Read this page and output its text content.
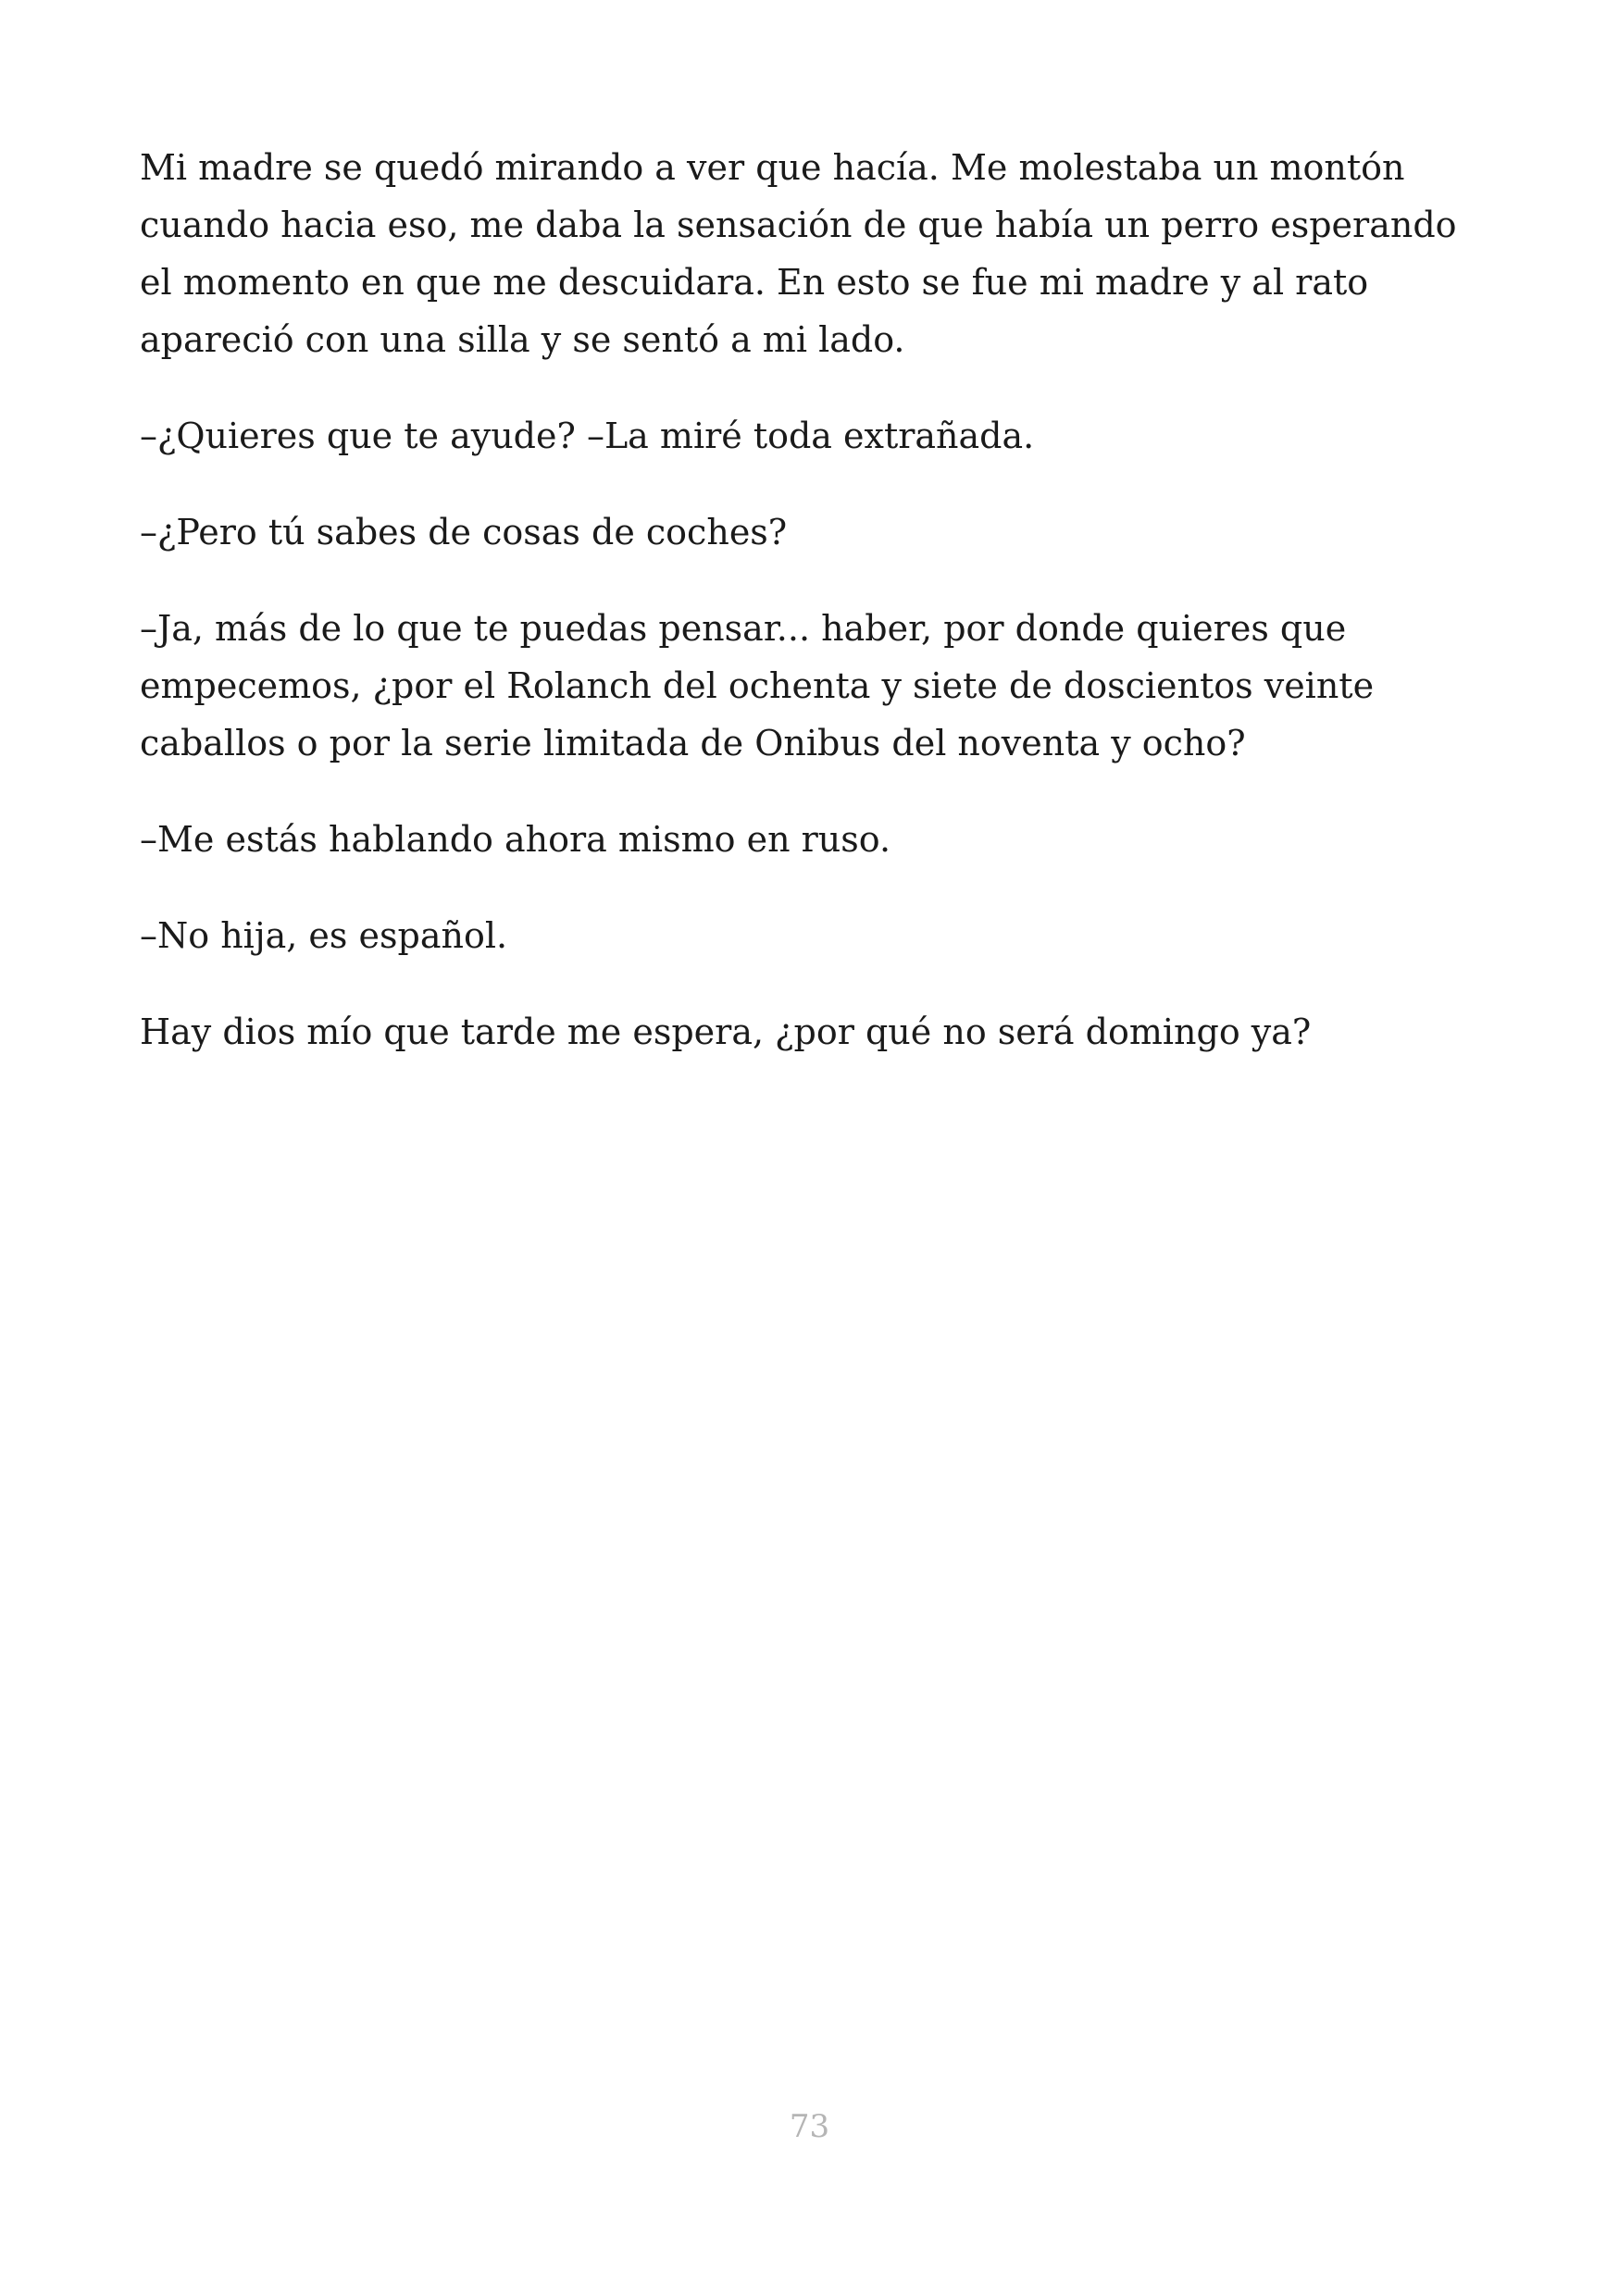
Mi madre se quedó mirando a ver que hacía. Me molestaba un montón
cuando hacia eso, me daba la sensación de que había un perro esperando
el momento en que me descuidara. En esto se fue mi madre y al rato
apareció con una silla y se sentó a mi lado.

–¿Quieres que te ayude? –La miré toda extrañada.

–¿Pero tú sabes de cosas de coches?

–Ja, más de lo que te puedas pensar... haber, por donde quieres que
empecemos, ¿por el Rolanch del ochenta y siete de doscientos veinte
caballos o por la serie limitada de Onibus del noventa y ocho?

–Me estás hablando ahora mismo en ruso.

–No hija, es español.

Hay dios mío que tarde me espera, ¿por qué no será domingo ya?

73
